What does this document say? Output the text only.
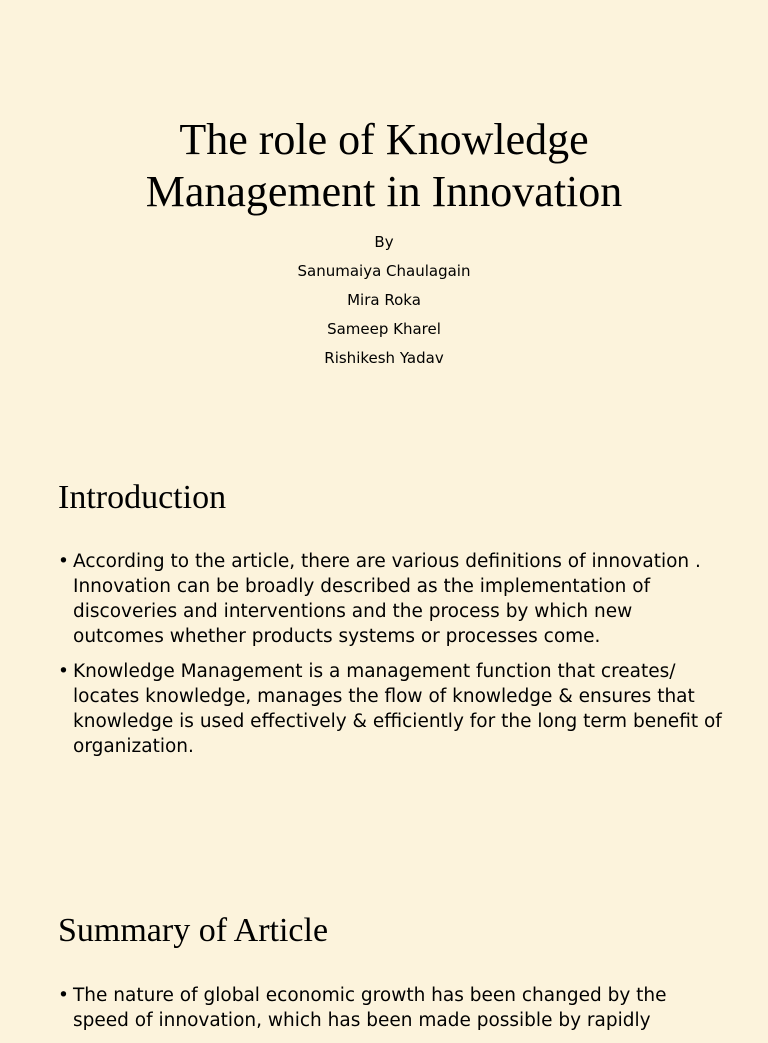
The role of Knowledge
Management in Innovation
By
Sanumaiya Chaulagain
Mira Roka
Sameep Kharel
Rishikesh Yadav
Introduction
• According to the article, there are various definitions of innovation . Innovation can be broadly described as the implementation of discoveries and interventions and the process by which new outcomes whether products systems or processes come.
• Knowledge Management is a management function that creates/ locates knowledge, manages the flow of knowledge & ensures that knowledge is used effectively & efficiently for the long term benefit of organization.
Summary of Article
• The nature of global economic growth has been changed by the speed of innovation, which has been made possible by rapidly
